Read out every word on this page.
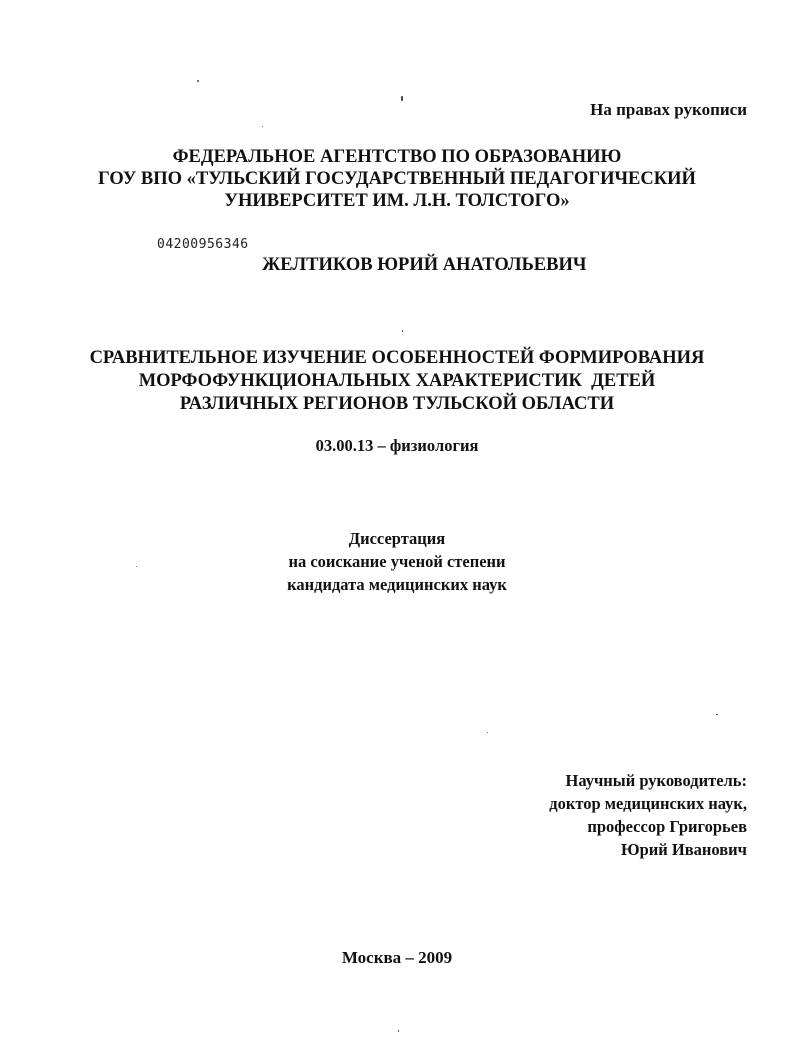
На правах рукописи
ФЕДЕРАЛЬНОЕ АГЕНТСТВО ПО ОБРАЗОВАНИЮ
ГОУ ВПО «ТУЛЬСКИЙ ГОСУДАРСТВЕННЫЙ ПЕДАГОГИЧЕСКИЙ
УНИВЕРСИТЕТ ИМ. Л.Н. ТОЛСТОГО»
04200956346
ЖЕЛТИКОВ ЮРИЙ АНАТОЛЬЕВИЧ
СРАВНИТЕЛЬНОЕ ИЗУЧЕНИЕ ОСОБЕННОСТЕЙ ФОРМИРОВАНИЯ
МОРФОФУНКЦИОНАЛЬНЫХ ХАРАКТЕРИСТИК  ДЕТЕЙ
РАЗЛИЧНЫХ РЕГИОНОВ ТУЛЬСКОЙ ОБЛАСТИ
03.00.13 – физиология
Диссертация
на соискание ученой степени
кандидата медицинских наук
Научный руководитель:
доктор медицинских наук,
профессор Григорьев
Юрий Иванович
Москва – 2009
